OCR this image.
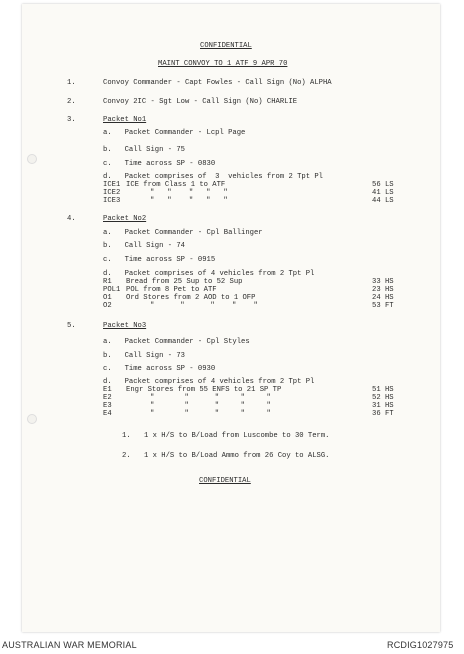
CONFIDENTIAL
MAINT CONVOY TO 1 ATF 9 APR 70
1.	Convoy Commander - Capt Fowles - Call Sign (No) ALPHA
2.	Convoy 2IC - Sgt Low - Call Sign (No) CHARLIE
3.	Packet No1
a.   Packet Commander - Lcpl Page
b.   Call Sign - 75
c.   Time across SP - 0830
d.   Packet comprises of  3  vehicles from 2 Tpt Pl
ICE1 ICE from Class 1 to ATF	56 LS
ICE2	"   "    "   "   "	41 LS
ICE3	"   "    "   "   "	44 LS
4.	Packet No2
a.   Packet Commander - Cpl Ballinger
b.   Call Sign - 74
c.   Time across SP - 0915
d.   Packet comprises of 4 vehicles from 2 Tpt Pl
R1 Bread from 25 Sup to 52 Sup	33 HS
POL1 POL from 8 Pet to ATF	23 HS
O1 Ord Stores from 2 AOD to 1 OFP	24 HS
O2	"      "      "    "    "	53 FT
5.	Packet No3
a.   Packet Commander - Cpl Styles
b.   Call Sign - 73
c.   Time across SP - 0930
d.   Packet comprises of 4 vehicles from 2 Tpt Pl
E1 Engr Stores from 55 ENFS to 21 SP TP	51 HS
E2	"       "      "     "     "	52 HS
E3	"       "      "     "     "	31 HS
E4	"       "      "     "     "	36 FT
1. 1 x H/S to B/Load from Luscombe to 30 Term.
2. 1 x H/S to B/Load Ammo from 26 Coy to ALSG.
CONFIDENTIAL
AUSTRALIAN WAR MEMORIAL	RCDIG1027975
